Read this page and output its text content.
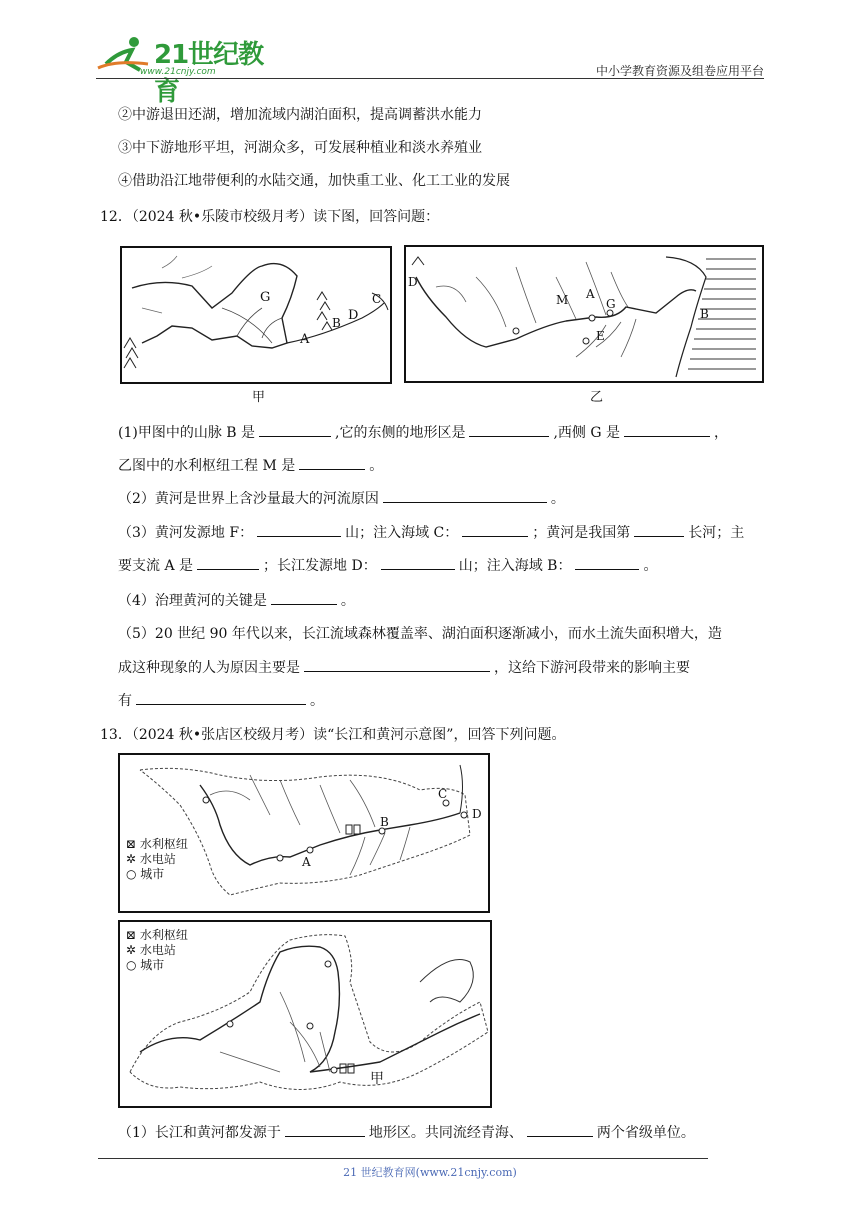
21世纪教育
www.21cnjy.com	中小学教育资源及组卷应用平台
②中游退田还湖，增加流域内湖泊面积，提高调蓄洪水能力
③中下游地形平坦，河湖众多，可发展种植业和淡水养殖业
④借助沿江地带便利的水陆交通，加快重工业、化工工业的发展
12．（2024 秋•乐陵市校级月考）读下图，回答问题：
G
B D
A
C
甲
D
M A
G
E
B
乙
(1)甲图中的山脉 B 是	,它的东侧的地形区是	,西侧 G 是	，
乙图中的水利枢纽工程 M 是	。
（2）黄河是世界上含沙量最大的河流原因	。
（3）黄河发源地 F：	山；注入海域 C：	；黄河是我国第	长河；主
要支流 A 是	；长江发源地 D：	山；注入海域 B：	。
（4）治理黄河的关键是	。
（5）20 世纪 90 年代以来，长江流域森林覆盖率、湖泊面积逐渐减小，而水土流失面积增大，造
成这种现象的人为原因主要是	，这给下游河段带来的影响主要
有	。
13．（2024 秋•张店区校级月考）读“长江和黄河示意图”，回答下列问题。
⊠ 水利枢纽
✲ 水电站
○ 城市
A
B
C
D
⊠ 水利枢纽
✲ 水电站
○ 城市
甲
（1）长江和黄河都发源于	地形区。共同流经青海、	两个省级单位。
21 世纪教育网(www.21cnjy.com)
